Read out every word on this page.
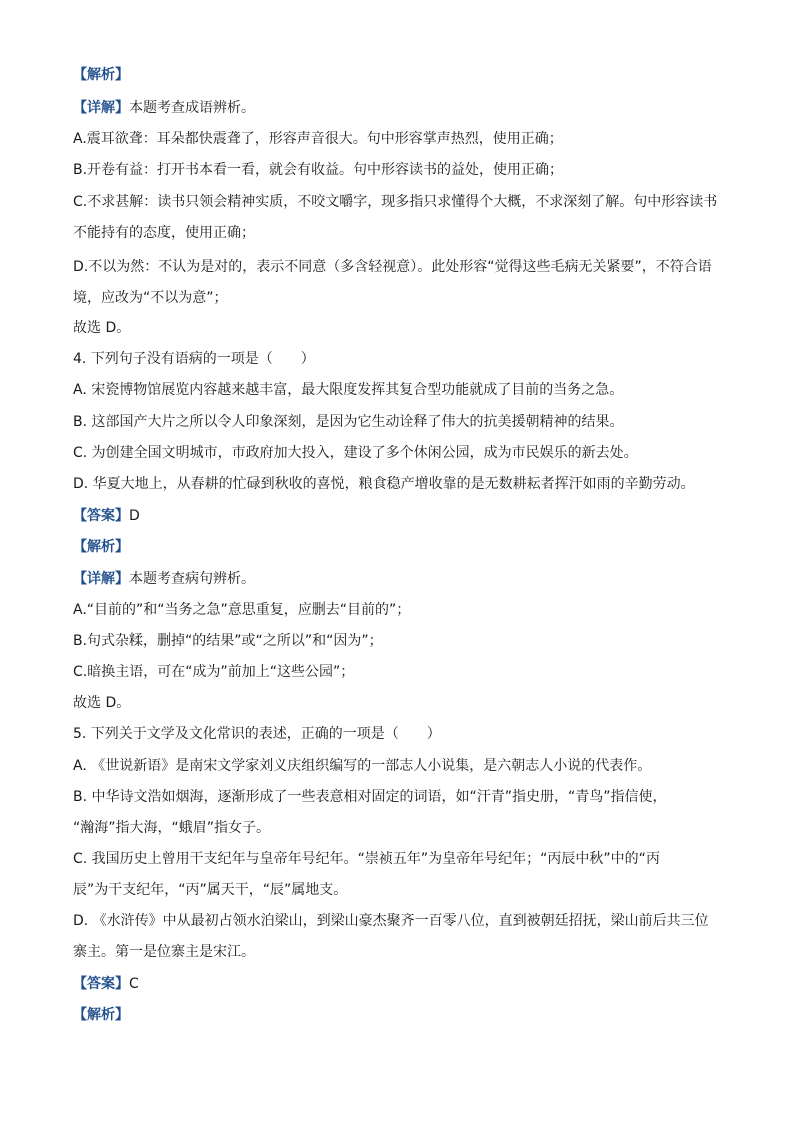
【解析】
【详解】本题考查成语辨析。
A.震耳欲聋：耳朵都快震聋了，形容声音很大。句中形容掌声热烈，使用正确；
B.开卷有益：打开书本看一看，就会有收益。句中形容读书的益处，使用正确；
C.不求甚解：读书只领会精神实质，不咬文嚼字，现多指只求懂得个大概，不求深刻了解。句中形容读书
不能持有的态度，使用正确；
D.不以为然：不认为是对的，表示不同意（多含轻视意）。此处形容“觉得这些毛病无关紧要”，不符合语
境，应改为“不以为意”；
故选 D。
4. 下列句子没有语病的一项是（　　）
A. 宋瓷博物馆展览内容越来越丰富，最大限度发挥其复合型功能就成了目前的当务之急。
B. 这部国产大片之所以令人印象深刻，是因为它生动诠释了伟大的抗美援朝精神的结果。
C. 为创建全国文明城市，市政府加大投入，建设了多个休闲公园，成为市民娱乐的新去处。
D. 华夏大地上，从春耕的忙碌到秋收的喜悦，粮食稳产增收靠的是无数耕耘者挥汗如雨的辛勤劳动。
【答案】D
【解析】
【详解】本题考查病句辨析。
A.“目前的”和“当务之急”意思重复，应删去“目前的”；
B.句式杂糅，删掉“的结果”或“之所以”和“因为”；
C.暗换主语，可在“成为”前加上“这些公园”；
故选 D。
5. 下列关于文学及文化常识的表述，正确的一项是（　　）
A. 《世说新语》是南宋文学家刘义庆组织编写的一部志人小说集，是六朝志人小说的代表作。
B. 中华诗文浩如烟海，逐渐形成了一些表意相对固定的词语，如“汗青”指史册，“青鸟”指信使，
“瀚海”指大海，“蛾眉”指女子。
C. 我国历史上曾用干支纪年与皇帝年号纪年。“崇祯五年”为皇帝年号纪年；“丙辰中秋”中的“丙
辰”为干支纪年，“丙”属天干，“辰”属地支。
D. 《水浒传》中从最初占领水泊梁山，到梁山豪杰聚齐一百零八位，直到被朝廷招抚，梁山前后共三位
寨主。第一是位寨主是宋江。
【答案】C
【解析】
